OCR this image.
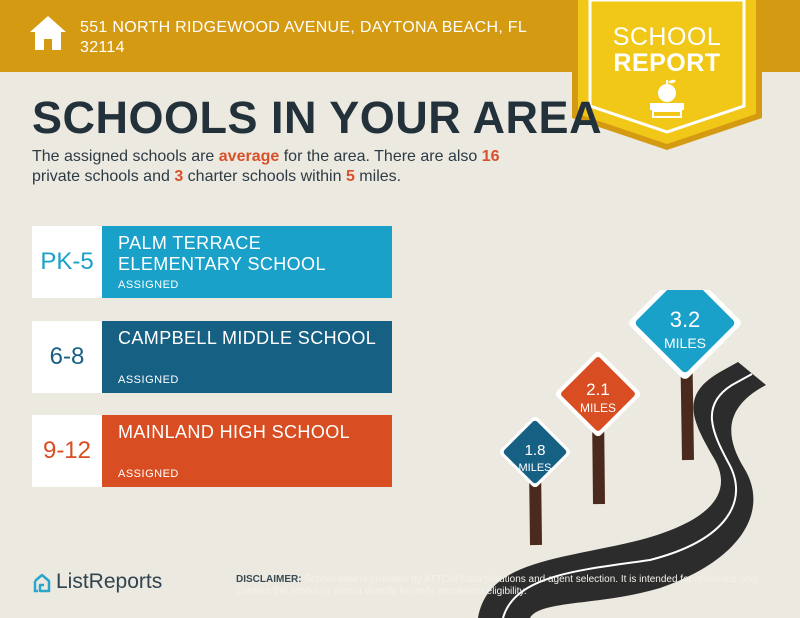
551 NORTH RIDGEWOOD AVENUE, DAYTONA BEACH, FL 32114	SCHOOL
REPORT
SCHOOLS IN YOUR AREA
The assigned schools are average for the area. There are also 16 private schools and 3 charter schools within 5 miles.
PK-5
PALM TERRACE ELEMENTARY SCHOOL
ASSIGNED
6-8
CAMPBELL MIDDLE SCHOOL
ASSIGNED
9-12
MAINLAND HIGH SCHOOL
ASSIGNED
3.2
MILES
2.1
MILES
1.8
MILES
ListReports	DISCLAIMER: School data is provided by ATTOM Data Solutions and agent selection. It is intended for reference only. Contact the school or district directly to verify enrollment eligibility.
